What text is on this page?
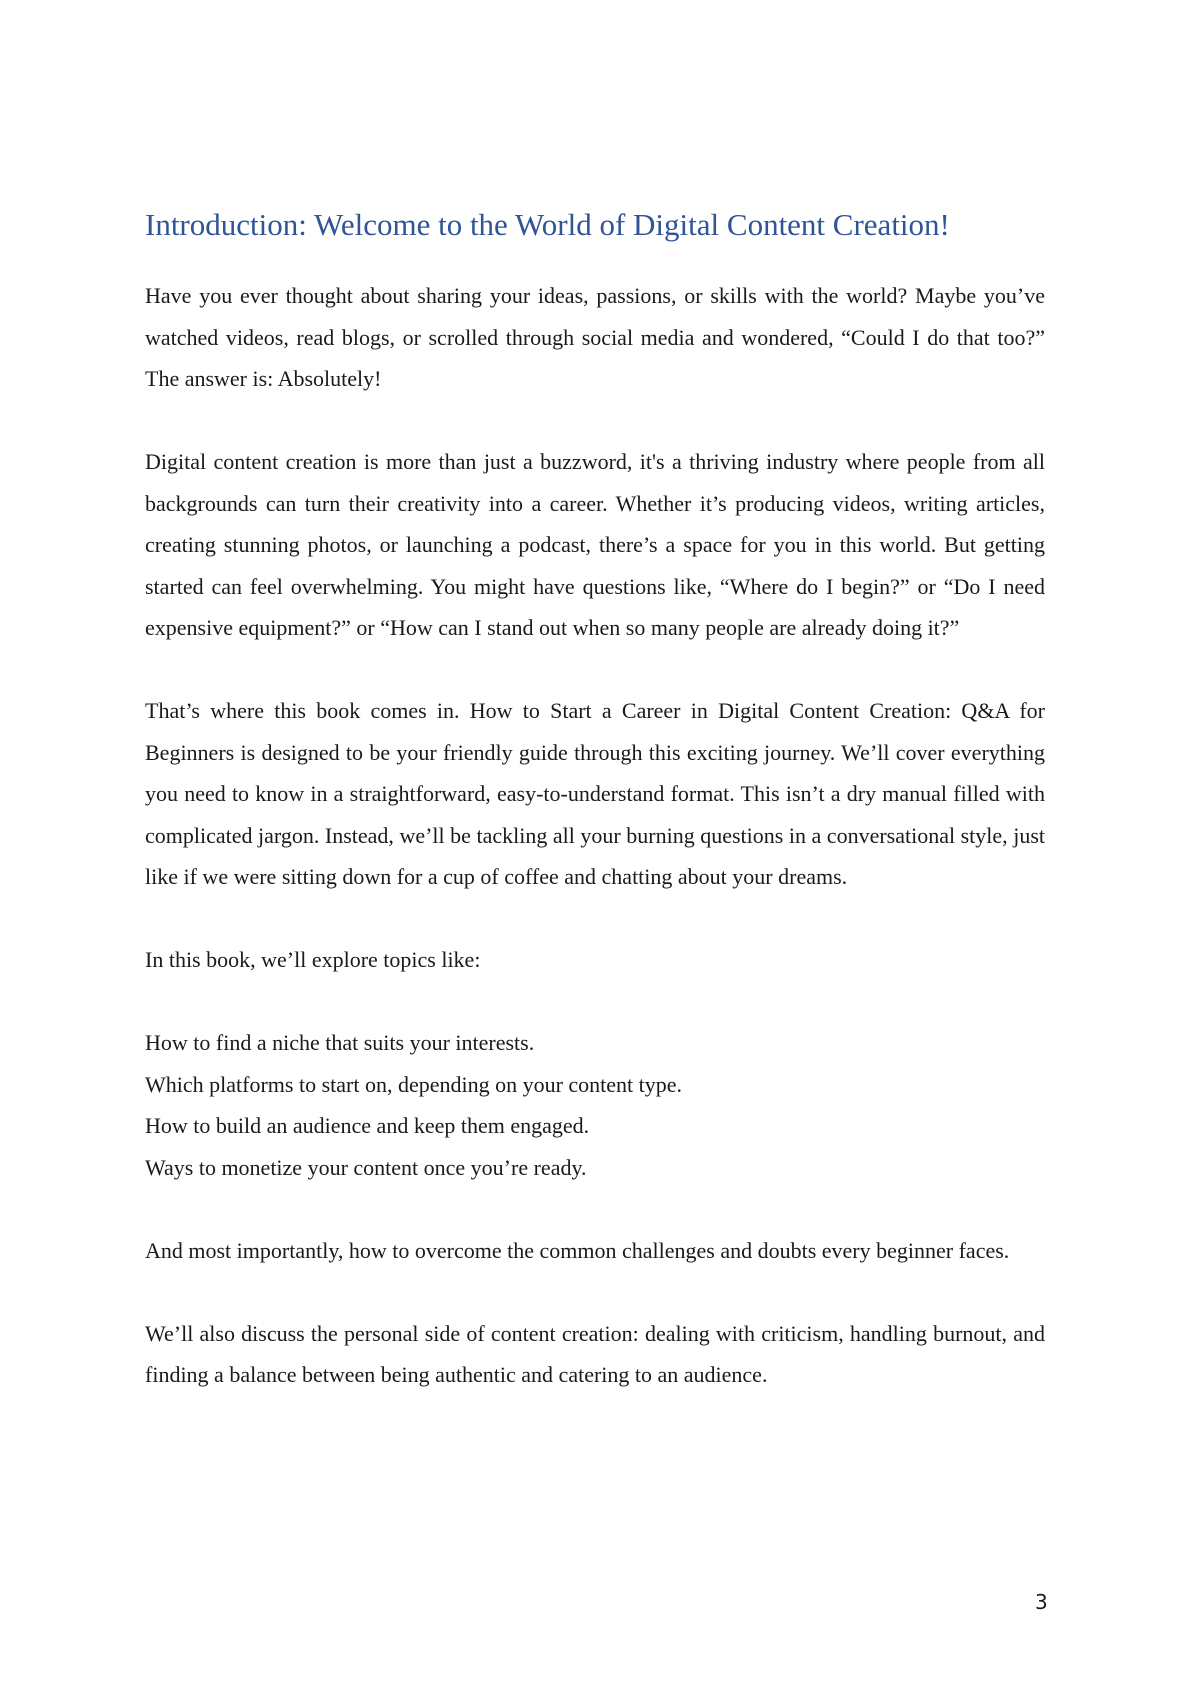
Introduction: Welcome to the World of Digital Content Creation!

Have you ever thought about sharing your ideas, passions, or skills with the world? Maybe you’ve watched videos, read blogs, or scrolled through social media and wondered, “Could I do that too?” The answer is: Absolutely!

Digital content creation is more than just a buzzword, it's a thriving industry where people from all backgrounds can turn their creativity into a career. Whether it’s producing videos, writing articles, creating stunning photos, or launching a podcast, there’s a space for you in this world. But getting started can feel overwhelming. You might have questions like, “Where do I begin?” or “Do I need expensive equipment?” or “How can I stand out when so many people are already doing it?”

That’s where this book comes in. How to Start a Career in Digital Content Creation: Q&A for Beginners is designed to be your friendly guide through this exciting journey. We’ll cover everything you need to know in a straightforward, easy-to-understand format. This isn’t a dry manual filled with complicated jargon. Instead, we’ll be tackling all your burning questions in a conversational style, just like if we were sitting down for a cup of coffee and chatting about your dreams.

In this book, we’ll explore topics like:

How to find a niche that suits your interests.
Which platforms to start on, depending on your content type.
How to build an audience and keep them engaged.
Ways to monetize your content once you’re ready.

And most importantly, how to overcome the common challenges and doubts every beginner faces.

We’ll also discuss the personal side of content creation: dealing with criticism, handling burnout, and finding a balance between being authentic and catering to an audience.

3
